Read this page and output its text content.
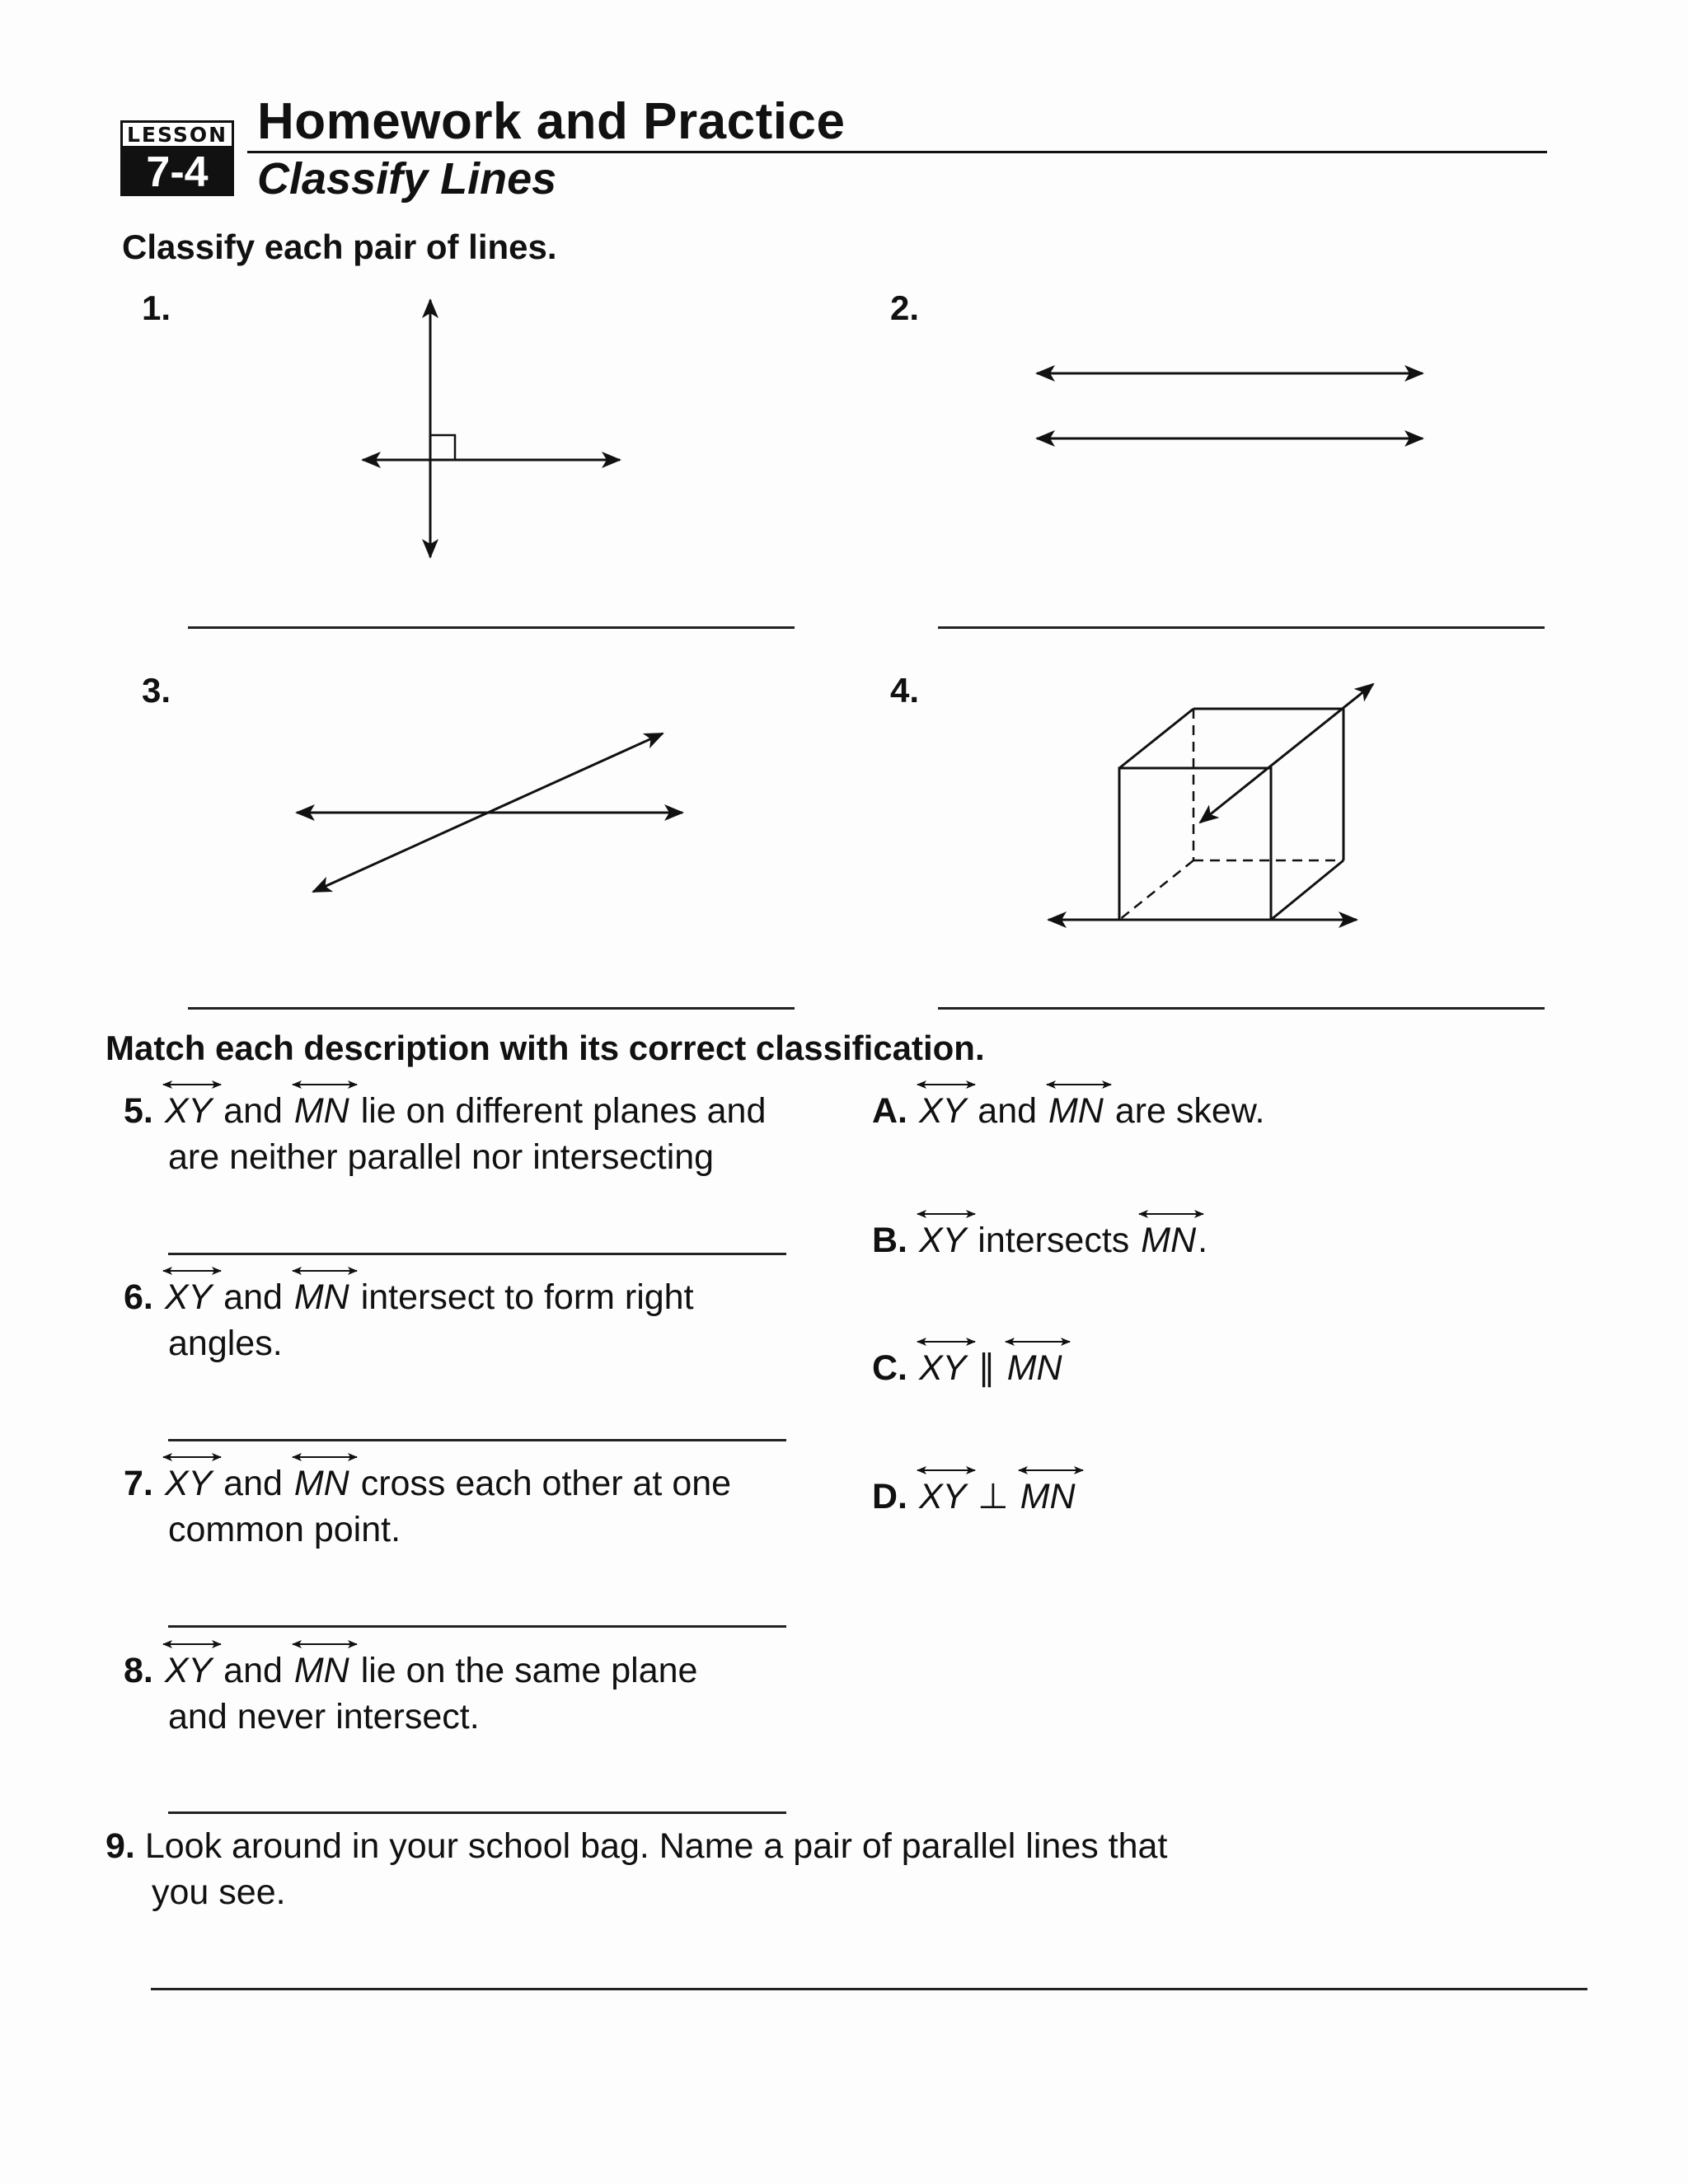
LESSON
7-4
Homework and Practice
Classify Lines
Classify each pair of lines.
1.	2.
3.	4.
Match each description with its correct classification.
5. XY and MN lie on different planes and
are neither parallel nor intersecting
6. XY and MN intersect to form right
angles.
7. XY and MN cross each other at one
common point.
8. XY and MN lie on the same plane
and never intersect.
A. XY and MN are skew.
B. XY intersects MN.
C. XY ∥ MN
D. XY ⊥ MN
9. Look around in your school bag. Name a pair of parallel lines that
you see.
